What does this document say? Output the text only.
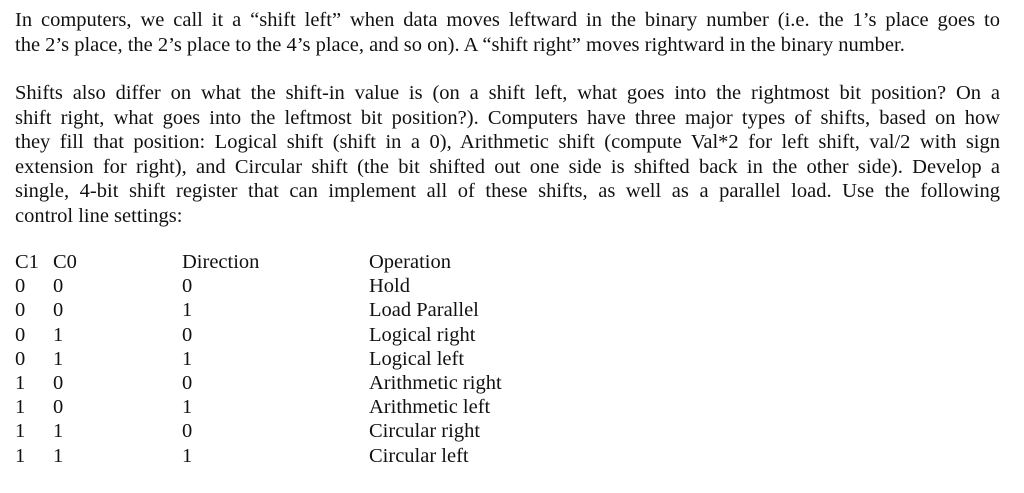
In computers, we call it a “shift left” when data moves leftward in the binary number (i.e. the 1’s place goes to
the 2’s place, the 2’s place to the 4’s place, and so on). A “shift right” moves rightward in the binary number.

Shifts also differ on what the shift-in value is (on a shift left, what goes into the rightmost bit position? On a
shift right, what goes into the leftmost bit position?). Computers have three major types of shifts, based on how
they fill that position: Logical shift (shift in a 0), Arithmetic shift (compute Val*2 for left shift, val/2 with sign
extension for right), and Circular shift (the bit shifted out one side is shifted back in the other side). Develop a
single, 4-bit shift register that can implement all of these shifts, as well as a parallel load. Use the following
control line settings:

C1 C0	Direction	Operation
0 0	0	Hold
0 0	1	Load Parallel
0 1	0	Logical right
0 1	1	Logical left
1 0	0	Arithmetic right
1 0	1	Arithmetic left
1 1	0	Circular right
1 1	1	Circular left
